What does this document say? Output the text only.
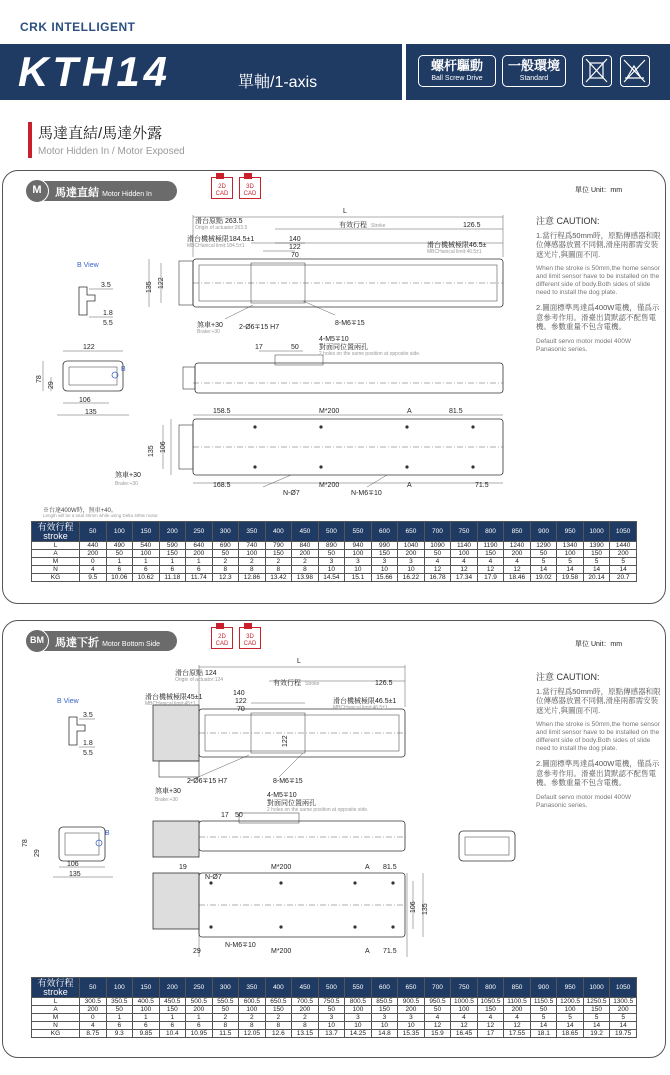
CRK INTELLIGENT
KTH14	單軸/1-axis
螺杆驅動
Ball Screw Drive
一般環境
Standard
馬達直結/馬達外露
Motor Hidden In / Motor Exposed
M	馬達直結 Motor Hidden In
2D CAD
3D CAD	單位 Unit：mm
注意 CAUTION:
1.當行程爲50mm時，原點傳感器和限位傳感器放置不同側,滑座兩都需安裝遮光片,與圖面不同.
When the stroke is 50mm,the home sensor and limit sensor have to be installed on the different side of body.Both sides of slide need to install the dog plate.
2.圖面標準馬達爲400W電機，僅爲示意參考作用。滑臺出貨默認不配售電機。參數重量不包含電機。
Default servo motor model 400W Panasonic series.
L
滑台原點 263.5
Origin of actuator:263.5	有效行程 Stroke	126.5
滑台機械極限184.5±1
MBCHanical limit:184.5±1
140
122
70
滑台機械極限46.5±
MBCHanical limit:46.5±1
135 122
煞車+30
Brake:+30
2-Ø6∓15 H7
8-M6∓15
4-M5∓10
對面同位置兩孔
2 holes on the same position at opposite side.
17	50
B View
3.5
1.8
5.5
122
78
29
106
135
B
158.5	M*200	A	81.5
106
135
煞車+30
Brake:+30	168.5	M*200	A	71.5
N-Ø7	N-M6∓10
※台達400W時，無車+40。
Length will be a total 40mm while using Delta 400w motor.
有效行程 stroke	50	100	150	200	250	300	350	400	450	500	550	600	650	700	750	800	850	900	950	1000	1050
L	440	490	540	590	640	690	740	790	840	890	940	990	1040	1090	1140	1190	1240	1290	1340	1390	1440
A	200	50	100	150	200	50	100	150	200	50	100	150	200	50	100	150	200	50	100	150	200
M	0	1	1	1	1	2	2	2	2	3	3	3	3	4	4	4	4	5	5	5	5
N	4	6	6	6	6	8	8	8	8	10	10	10	10	12	12	12	12	14	14	14	14
KG	9.5	10.06	10.62	11.18	11.74	12.3	12.86	13.42	13.98	14.54	15.1	15.66	16.22	16.78	17.34	17.9	18.46	19.02	19.58	20.14	20.7
BM	馬達下折 Motor Bottom Side
2D CAD
3D CAD	單位 Unit：mm
注意 CAUTION:
1.當行程爲50mm時，原點傳感器和限位傳感器放置不同側,滑座兩都需安裝遮光片,與圖面不同.
When the stroke is 50mm,the home sensor and limit sensor have to be installed on the different side of body.Both sides of slide need to install the dog plate.
2.圖面標準馬達爲400W電機，僅爲示意參考作用。滑臺出貨默認不配售電機。參數重量不包含電機。
Default servo motor model 400W Panasonic series.
L
滑台原點 124
Origin of actuator:124	有效行程 Stroke	126.5
滑台機械極限45±1
MBCHanical limit:45±1
140
122
70
滑台機械極限46.5±1
MBCHanical limit:46.5±1
122
2-Ø6∓15 H7	8-M6∓15
煞車+30
Brake:+30
4-M5∓10
對面同位置兩孔
2 holes on the same position at opposite side.
17 50
B View
3.5
1.8
5.5
78
29
106
135
B
19
N-Ø7
M*200	A 81.5
106 135
29
N-M6∓10
M*200	A 71.5
有效行程 stroke	50	100	150	200	250	300	350	400	450	500	550	600	650	700	750	800	850	900	950	1000	1050
L	300.5	350.5	400.5	450.5	500.5	550.5	600.5	650.5	700.5	750.5	800.5	850.5	900.5	950.5	1000.5	1050.5	1100.5	1150.5	1200.5	1250.5	1300.5
A	200	50	100	150	200	50	100	150	200	50	100	150	200	50	100	150	200	50	100	150	200
M	0	1	1	1	1	2	2	2	2	3	3	3	3	4	4	4	4	5	5	5	5
N	4	6	6	6	6	8	8	8	8	10	10	10	10	12	12	12	12	14	14	14	14
KG	8.75	9.3	9.85	10.4	10.95	11.5	12.05	12.6	13.15	13.7	14.25	14.8	15.35	15.9	16.45	17	17.55	18.1	18.65	19.2	19.75
